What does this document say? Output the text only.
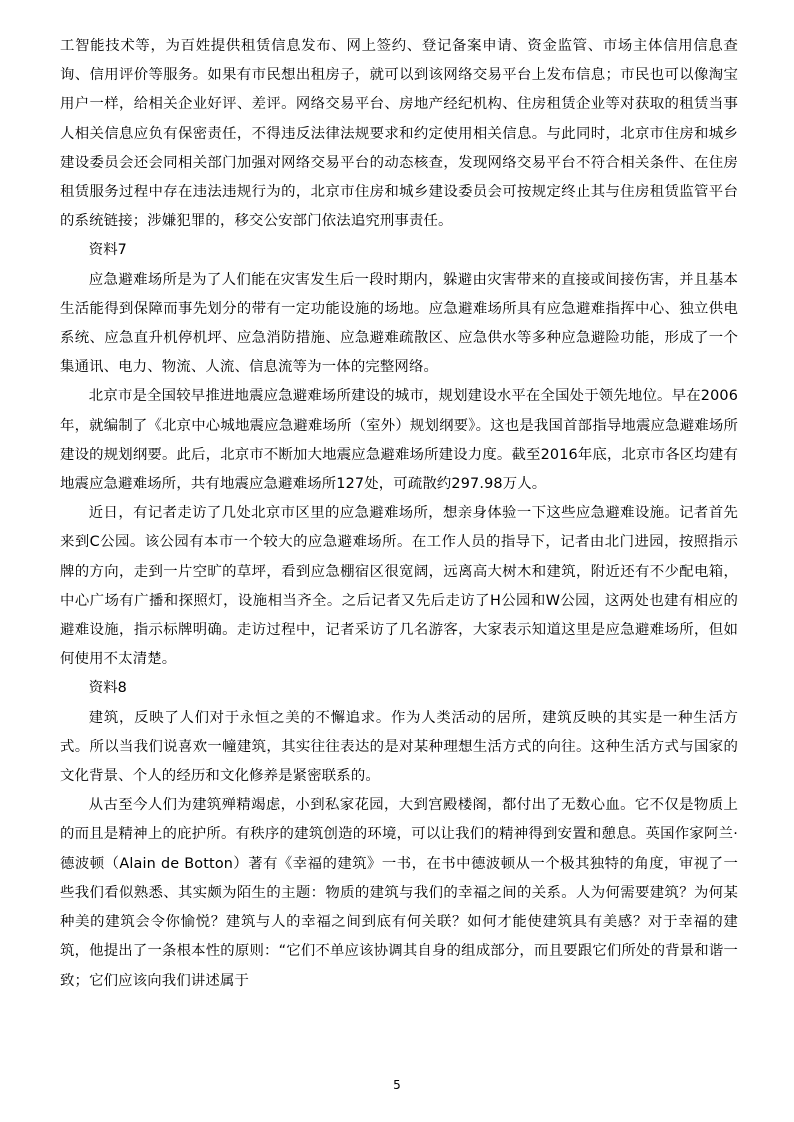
工智能技术等，为百姓提供租赁信息发布、网上签约、登记备案申请、资金监管、市场主体信用信息查询、信用评价等服务。如果有市民想出租房子，就可以到该网络交易平台上发布信息；市民也可以像淘宝用户一样，给相关企业好评、差评。网络交易平台、房地产经纪机构、住房租赁企业等对获取的租赁当事人相关信息应负有保密责任，不得违反法律法规要求和约定使用相关信息。与此同时，北京市住房和城乡建设委员会还会同相关部门加强对网络交易平台的动态核查，发现网络交易平台不符合相关条件、在住房租赁服务过程中存在违法违规行为的，北京市住房和城乡建设委员会可按规定终止其与住房租赁监管平台的系统链接；涉嫌犯罪的，移交公安部门依法追究刑事责任。

资料7

应急避难场所是为了人们能在灾害发生后一段时期内，躲避由灾害带来的直接或间接伤害，并且基本生活能得到保障而事先划分的带有一定功能设施的场地。应急避难场所具有应急避难指挥中心、独立供电系统、应急直升机停机坪、应急消防措施、应急避难疏散区、应急供水等多种应急避险功能，形成了一个集通讯、电力、物流、人流、信息流等为一体的完整网络。

北京市是全国较早推进地震应急避难场所建设的城市，规划建设水平在全国处于领先地位。早在2006年，就编制了《北京中心城地震应急避难场所（室外）规划纲要》。这也是我国首部指导地震应急避难场所建设的规划纲要。此后，北京市不断加大地震应急避难场所建设力度。截至2016年底，北京市各区均建有地震应急避难场所，共有地震应急避难场所127处，可疏散约297.98万人。

近日，有记者走访了几处北京市区里的应急避难场所，想亲身体验一下这些应急避难设施。记者首先来到C公园。该公园有本市一个较大的应急避难场所。在工作人员的指导下，记者由北门进园，按照指示牌的方向，走到一片空旷的草坪，看到应急棚宿区很宽阔，远离高大树木和建筑，附近还有不少配电箱，中心广场有广播和探照灯，设施相当齐全。之后记者又先后走访了H公园和W公园，这两处也建有相应的避难设施，指示标牌明确。走访过程中，记者采访了几名游客，大家表示知道这里是应急避难场所，但如何使用不太清楚。

资料8

建筑，反映了人们对于永恒之美的不懈追求。作为人类活动的居所，建筑反映的其实是一种生活方式。所以当我们说喜欢一幢建筑，其实往往表达的是对某种理想生活方式的向往。这种生活方式与国家的文化背景、个人的经历和文化修养是紧密联系的。

从古至今人们为建筑殚精竭虑，小到私家花园，大到宫殿楼阁，都付出了无数心血。它不仅是物质上的而且是精神上的庇护所。有秩序的建筑创造的环境，可以让我们的精神得到安置和憩息。英国作家阿兰·德波顿（Alain de Botton）著有《幸福的建筑》一书，在书中德波顿从一个极其独特的角度，审视了一些我们看似熟悉、其实颇为陌生的主题：物质的建筑与我们的幸福之间的关系。人为何需要建筑？为何某种美的建筑会令你愉悦？建筑与人的幸福之间到底有何关联？如何才能使建筑具有美感？对于幸福的建筑，他提出了一条根本性的原则：“它们不单应该协调其自身的组成部分，而且要跟它们所处的背景和谐一致；它们应该向我们讲述属于

5
